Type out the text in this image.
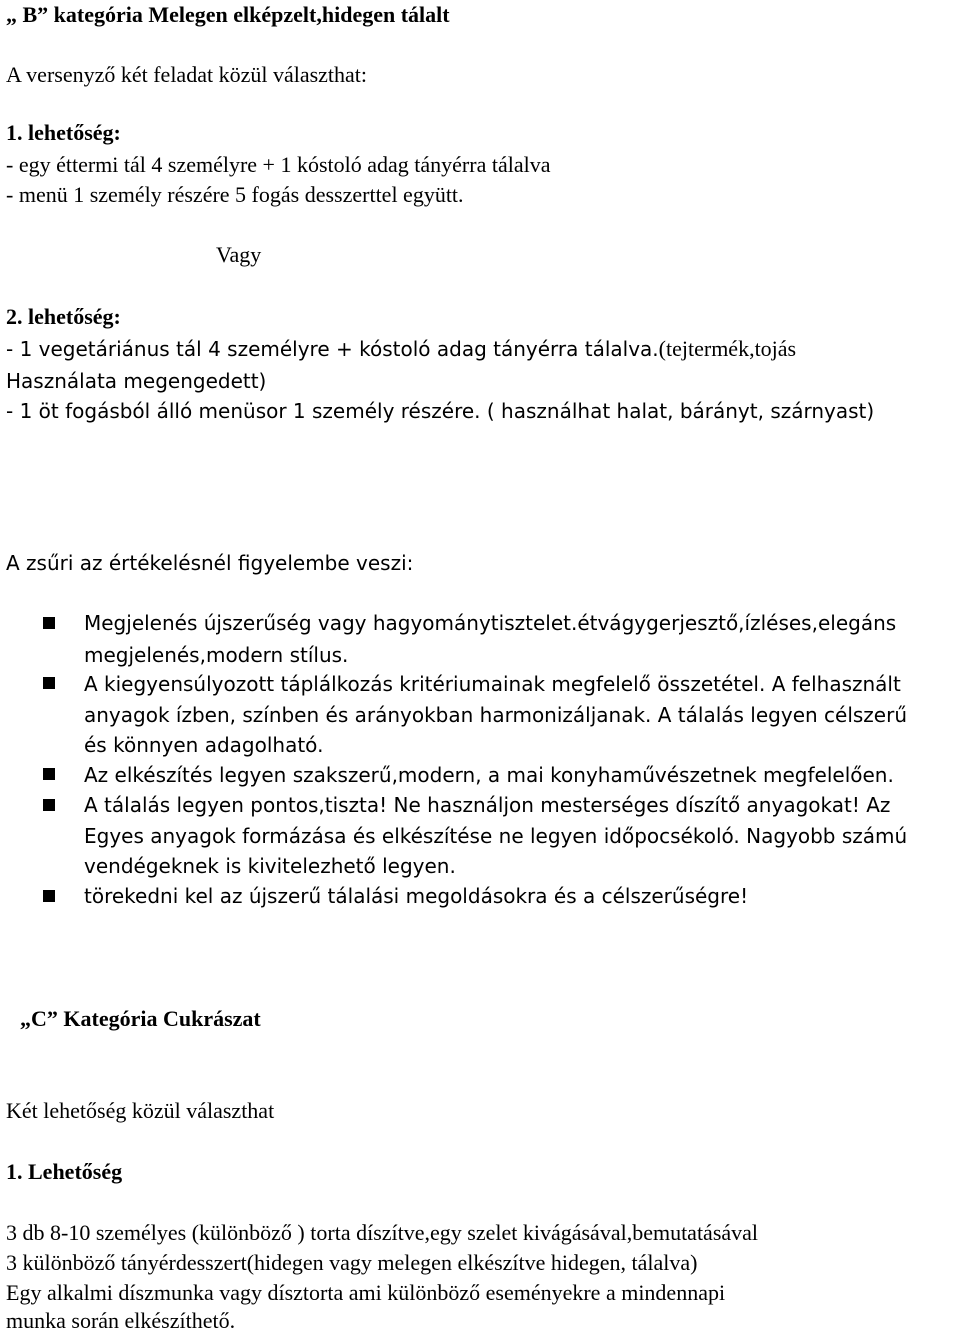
„ B” kategória Melegen elképzelt,hidegen tálalt
A versenyző két feladat közül választhat:
1. lehetőség:
- egy éttermi tál 4 személyre + 1 kóstoló adag tányérra tálalva
- menü 1 személy részére 5 fogás desszerttel együtt.
Vagy
2. lehetőség:
- 1 vegetáriánus tál 4 személyre + kóstoló adag tányérra tálalva.(tejtermék,tojás
Használata megengedett)
- 1 öt fogásból álló menüsor 1 személy részére. ( használhat halat, bárányt, szárnyast)
A zsűri az értékelésnél figyelembe veszi:
Megjelenés újszerűség vagy hagyománytisztelet.étvágygerjesztő,ízléses,elegáns
megjelenés,modern stílus.
A kiegyensúlyozott táplálkozás kritériumainak megfelelő összetétel. A felhasznált
anyagok ízben, színben és arányokban harmonizáljanak. A tálalás legyen célszerű
és könnyen adagolható.
Az elkészítés legyen szakszerű,modern, a mai konyhaművészetnek megfelelően.
A tálalás legyen pontos,tiszta! Ne használjon mesterséges díszítő anyagokat! Az
Egyes anyagok formázása és elkészítése ne legyen időpocsékoló. Nagyobb számú
vendégeknek is kivitelezhető legyen.
törekedni kel az újszerű tálalási megoldásokra és a célszerűségre!
„C” Kategória Cukrászat
Két lehetőség közül választhat
1. Lehetőség
3 db 8-10 személyes (különböző ) torta díszítve,egy szelet kivágásával,bemutatásával
3 különböző tányérdesszert(hidegen vagy melegen elkészítve hidegen, tálalva)
Egy alkalmi díszmunka vagy dísztorta ami különböző eseményekre a mindennapi
munka során elkészíthető.
